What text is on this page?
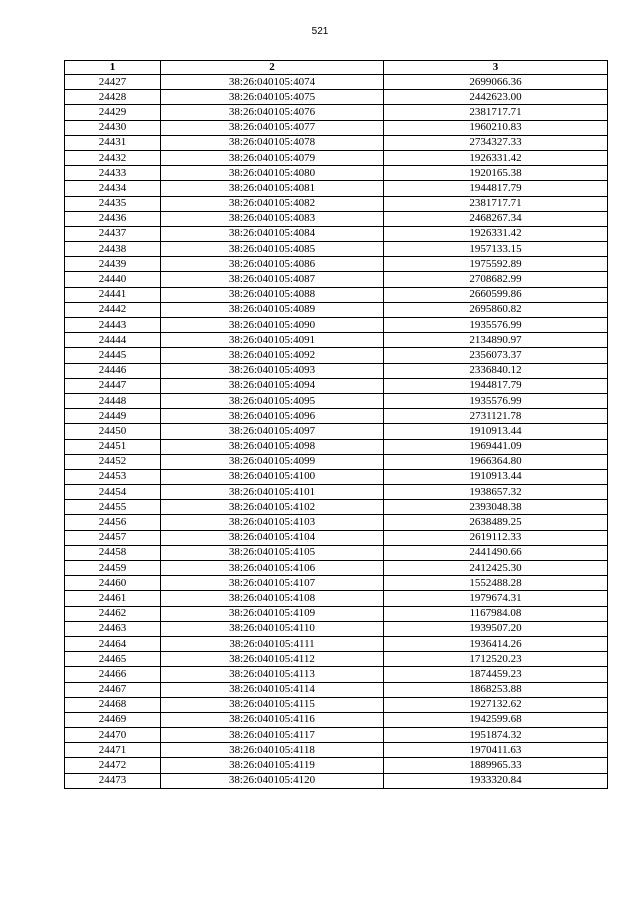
521
1	2	3
24427	38:26:040105:4074	2699066.36
24428	38:26:040105:4075	2442623.00
24429	38:26:040105:4076	2381717.71
24430	38:26:040105:4077	1960210.83
24431	38:26:040105:4078	2734327.33
24432	38:26:040105:4079	1926331.42
24433	38:26:040105:4080	1920165.38
24434	38:26:040105:4081	1944817.79
24435	38:26:040105:4082	2381717.71
24436	38:26:040105:4083	2468267.34
24437	38:26:040105:4084	1926331.42
24438	38:26:040105:4085	1957133.15
24439	38:26:040105:4086	1975592.89
24440	38:26:040105:4087	2708682.99
24441	38:26:040105:4088	2660599.86
24442	38:26:040105:4089	2695860.82
24443	38:26:040105:4090	1935576.99
24444	38:26:040105:4091	2134890.97
24445	38:26:040105:4092	2356073.37
24446	38:26:040105:4093	2336840.12
24447	38:26:040105:4094	1944817.79
24448	38:26:040105:4095	1935576.99
24449	38:26:040105:4096	2731121.78
24450	38:26:040105:4097	1910913.44
24451	38:26:040105:4098	1969441.09
24452	38:26:040105:4099	1966364.80
24453	38:26:040105:4100	1910913.44
24454	38:26:040105:4101	1938657.32
24455	38:26:040105:4102	2393048.38
24456	38:26:040105:4103	2638489.25
24457	38:26:040105:4104	2619112.33
24458	38:26:040105:4105	2441490.66
24459	38:26:040105:4106	2412425.30
24460	38:26:040105:4107	1552488.28
24461	38:26:040105:4108	1979674.31
24462	38:26:040105:4109	1167984.08
24463	38:26:040105:4110	1939507.20
24464	38:26:040105:4111	1936414.26
24465	38:26:040105:4112	1712520.23
24466	38:26:040105:4113	1874459.23
24467	38:26:040105:4114	1868253.88
24468	38:26:040105:4115	1927132.62
24469	38:26:040105:4116	1942599.68
24470	38:26:040105:4117	1951874.32
24471	38:26:040105:4118	1970411.63
24472	38:26:040105:4119	1889965.33
24473	38:26:040105:4120	1933320.84
